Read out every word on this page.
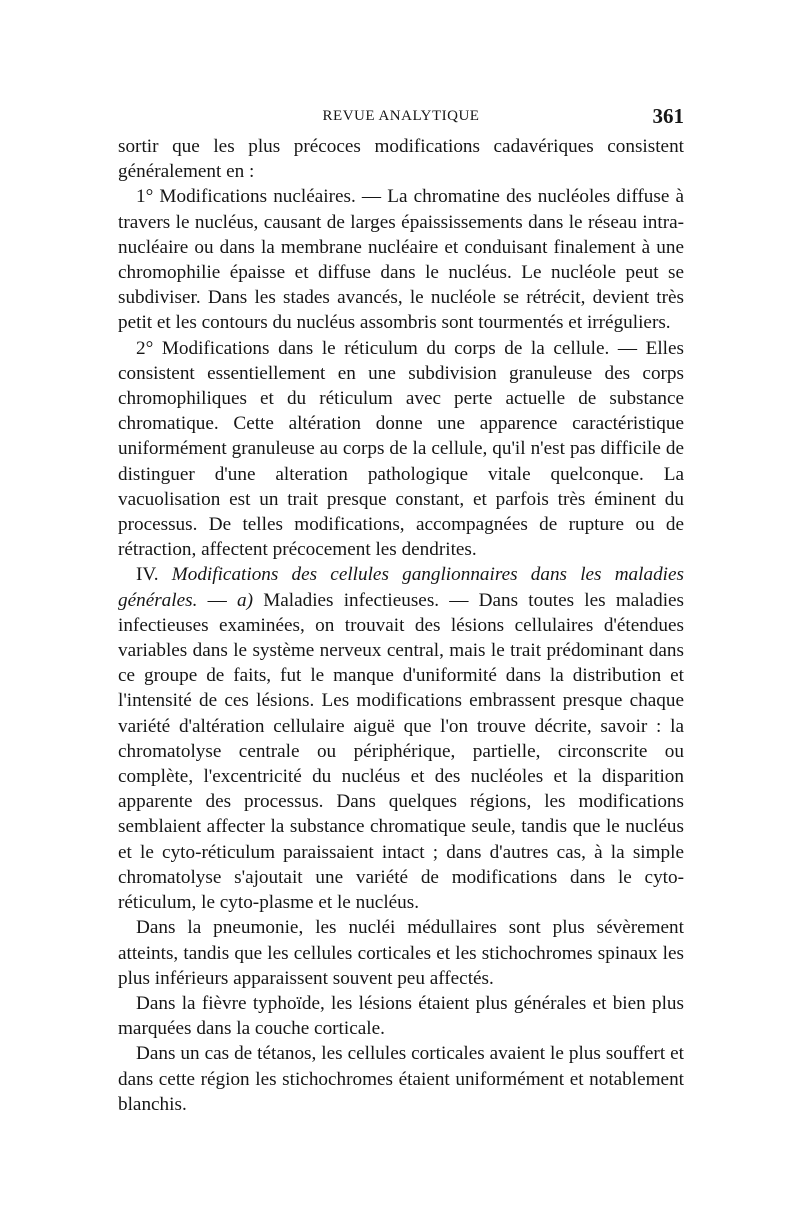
REVUE ANALYTIQUE	361

sortir que les plus précoces modifications cadavériques consistent généralement en :

1° Modifications nucléaires. — La chromatine des nucléoles diffuse à travers le nucléus, causant de larges épaississements dans le réseau intra-nucléaire ou dans la membrane nucléaire et conduisant finalement à une chromophilie épaisse et diffuse dans le nucléus. Le nucléole peut se subdiviser. Dans les stades avancés, le nucléole se rétrécit, devient très petit et les contours du nucléus assombris sont tourmentés et irréguliers.

2° Modifications dans le réticulum du corps de la cellule. — Elles consistent essentiellement en une subdivision granuleuse des corps chromophiliques et du réticulum avec perte actuelle de substance chromatique. Cette altération donne une apparence caractéristique uniformément granuleuse au corps de la cellule, qu'il n'est pas difficile de distinguer d'une alteration pathologique vitale quelconque. La vacuolisation est un trait presque constant, et parfois très éminent du processus. De telles modifications, accompagnées de rupture ou de rétraction, affectent précocement les dendrites.

IV. Modifications des cellules ganglionnaires dans les maladies générales. — a) Maladies infectieuses. — Dans toutes les maladies infectieuses examinées, on trouvait des lésions cellulaires d'étendues variables dans le système nerveux central, mais le trait prédominant dans ce groupe de faits, fut le manque d'uniformité dans la distribution et l'intensité de ces lésions. Les modifications embrassent presque chaque variété d'altération cellulaire aiguë que l'on trouve décrite, savoir : la chromatolyse centrale ou périphérique, partielle, circonscrite ou complète, l'excentricité du nucléus et des nucléoles et la disparition apparente des processus. Dans quelques régions, les modifications semblaient affecter la substance chromatique seule, tandis que le nucléus et le cyto-réticulum paraissaient intact ; dans d'autres cas, à la simple chromatolyse s'ajoutait une variété de modifications dans le cyto-réticulum, le cyto-plasme et le nucléus.

Dans la pneumonie, les nucléi médullaires sont plus sévèrement atteints, tandis que les cellules corticales et les stichochromes spinaux les plus inférieurs apparaissent souvent peu affectés.

Dans la fièvre typhoïde, les lésions étaient plus générales et bien plus marquées dans la couche corticale.

Dans un cas de tétanos, les cellules corticales avaient le plus souffert et dans cette région les stichochromes étaient uniformément et notablement blanchis.
